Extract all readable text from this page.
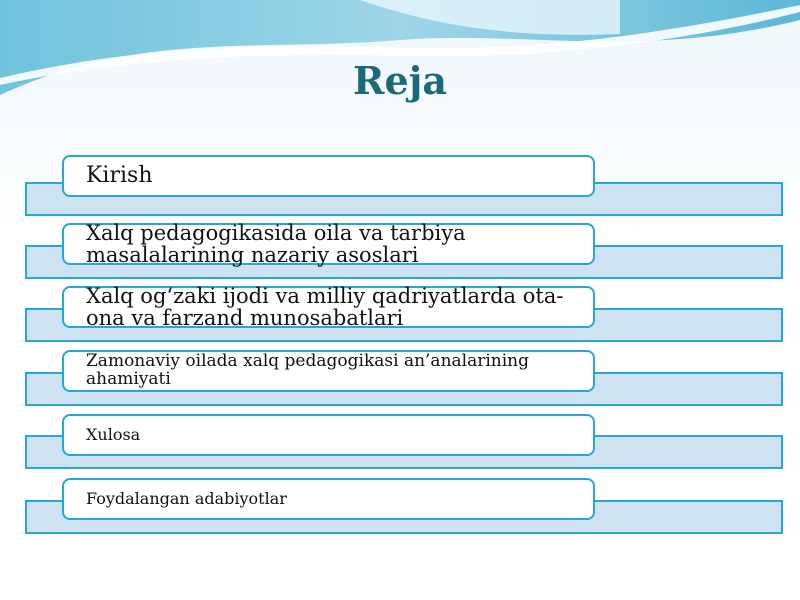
Reja
Kirish
Xalq pedagogikasida oila va tarbiya masalalarining nazariy asoslari
Xalq og‘zaki ijodi va milliy qadriyatlarda ota-ona va farzand munosabatlari
Zamonaviy oilada xalq pedagogikasi an’analarining ahamiyati
Xulosa
Foydalangan adabiyotlar
